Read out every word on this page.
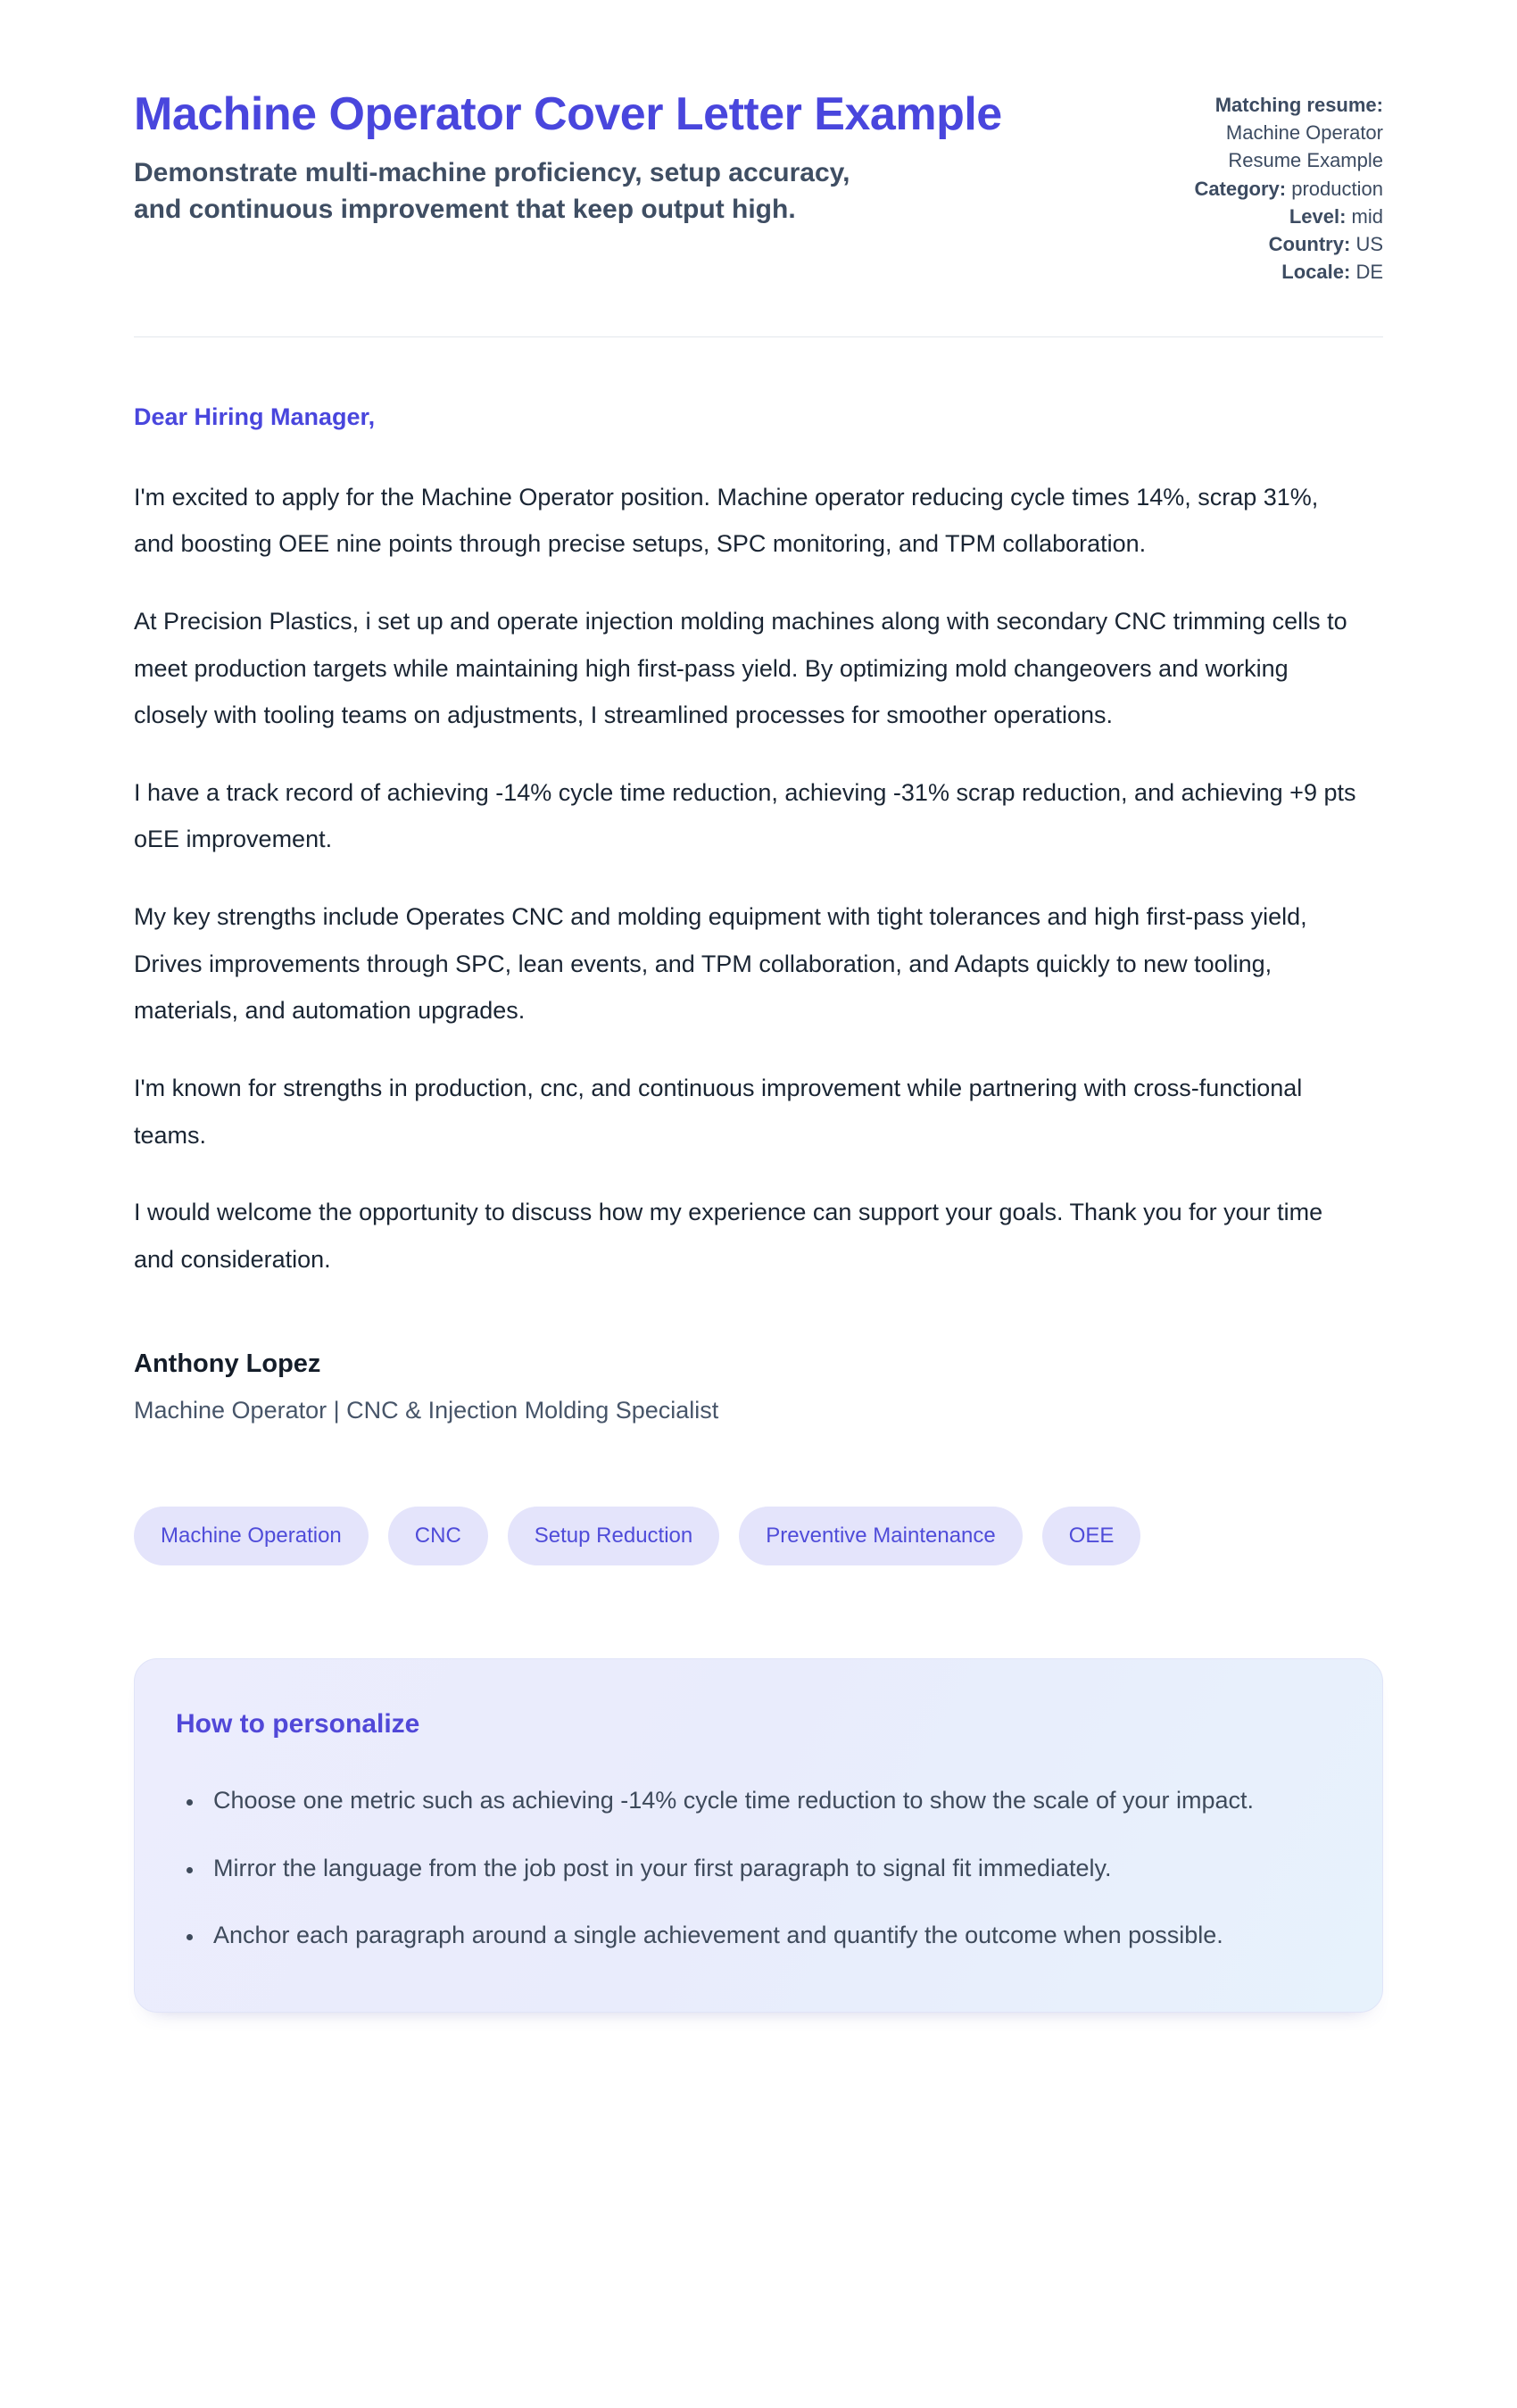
Machine Operator Cover Letter Example

Demonstrate multi-machine proficiency, setup accuracy, and continuous improvement that keep output high.

Matching resume:
Machine Operator Resume Example
Category: production
Level: mid
Country: US
Locale: DE

Dear Hiring Manager,

I'm excited to apply for the Machine Operator position. Machine operator reducing cycle times 14%, scrap 31%, and boosting OEE nine points through precise setups, SPC monitoring, and TPM collaboration.

At Precision Plastics, i set up and operate injection molding machines along with secondary CNC trimming cells to meet production targets while maintaining high first-pass yield. By optimizing mold changeovers and working closely with tooling teams on adjustments, I streamlined processes for smoother operations.

I have a track record of achieving -14% cycle time reduction, achieving -31% scrap reduction, and achieving +9 pts oEE improvement.

My key strengths include Operates CNC and molding equipment with tight tolerances and high first-pass yield, Drives improvements through SPC, lean events, and TPM collaboration, and Adapts quickly to new tooling, materials, and automation upgrades.

I'm known for strengths in production, cnc, and continuous improvement while partnering with cross-functional teams.

I would welcome the opportunity to discuss how my experience can support your goals. Thank you for your time and consideration.

Anthony Lopez

Machine Operator | CNC & Injection Molding Specialist

Machine Operation	CNC	Setup Reduction	Preventive Maintenance	OEE
How to personalize
• Choose one metric such as achieving -14% cycle time reduction to show the scale of your impact.
• Mirror the language from the job post in your first paragraph to signal fit immediately.
• Anchor each paragraph around a single achievement and quantify the outcome when possible.
